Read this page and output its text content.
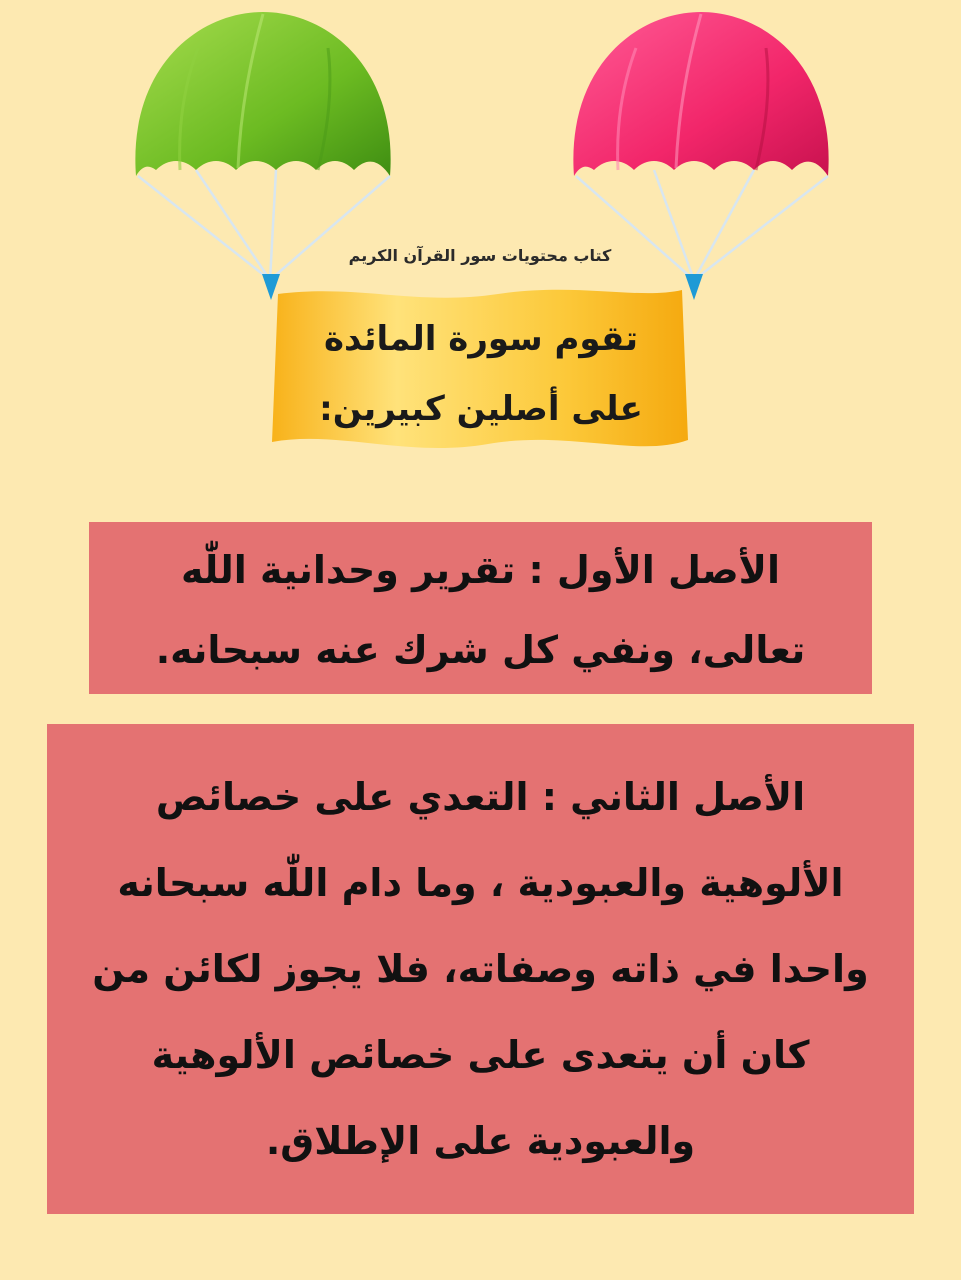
كتاب محتويات سور القرآن الكريم
تقوم سورة المائدة
على أصلين كبيرين:
الأصل الأول : تقرير وحدانية اللّٰه تعالى، ونفي كل شرك عنه سبحانه.
الأصل الثاني : التعدي على خصائص الألوهية والعبودية ، وما دام اللّٰه سبحانه واحدا في ذاته وصفاته، فلا يجوز لكائن من كان أن يتعدى على خصائص الألوهية والعبودية على الإطلاق.
